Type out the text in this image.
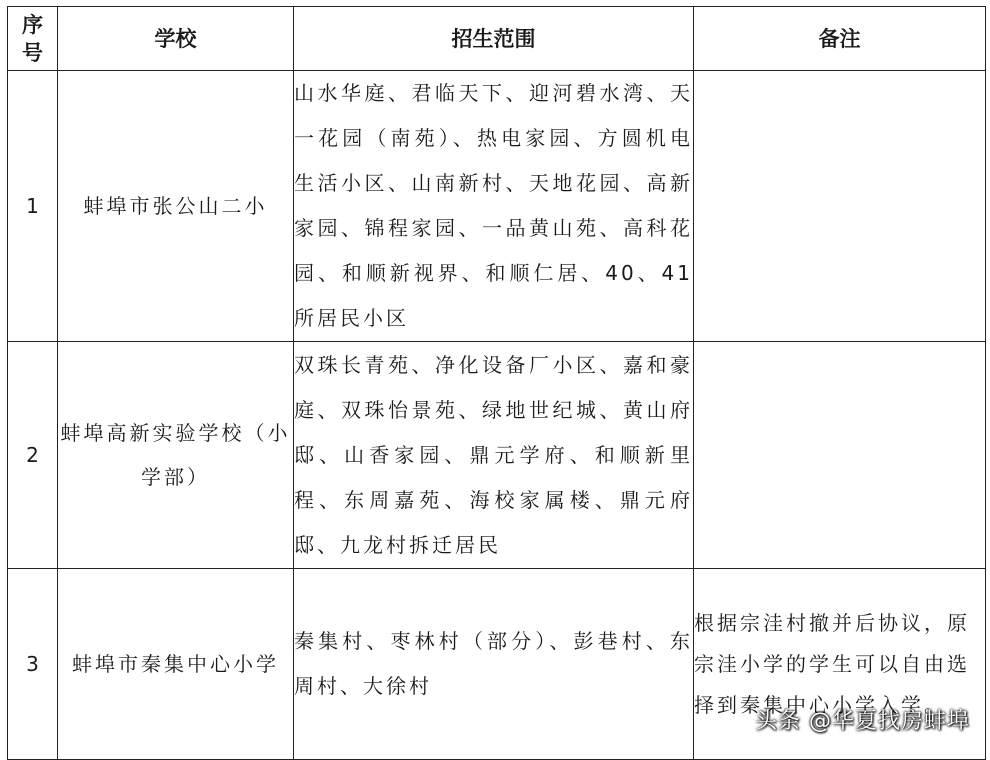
序号	学校	招生范围	备注
1	蚌埠市张公山二小	山水华庭、君临天下、迎河碧水湾、天一花园（南苑）、热电家园、方圆机电生活小区、山南新村、天地花园、高新家园、锦程家园、一品黄山苑、高科花园、和顺新视界、和顺仁居、40、41 所居民小区	
2	蚌埠高新实验学校（小学部）	双珠长青苑、净化设备厂小区、嘉和豪庭、双珠怡景苑、绿地世纪城、黄山府邸、山香家园、鼎元学府、和顺新里程、东周嘉苑、海校家属楼、鼎元府邸、九龙村拆迁居民	
3	蚌埠市秦集中心小学	秦集村、枣林村（部分）、彭巷村、东周村、大徐村	根据宗洼村撤并后协议，原宗洼小学的学生可以自由选择到秦集中心小学入学。
头条 @华夏找房蚌埠
